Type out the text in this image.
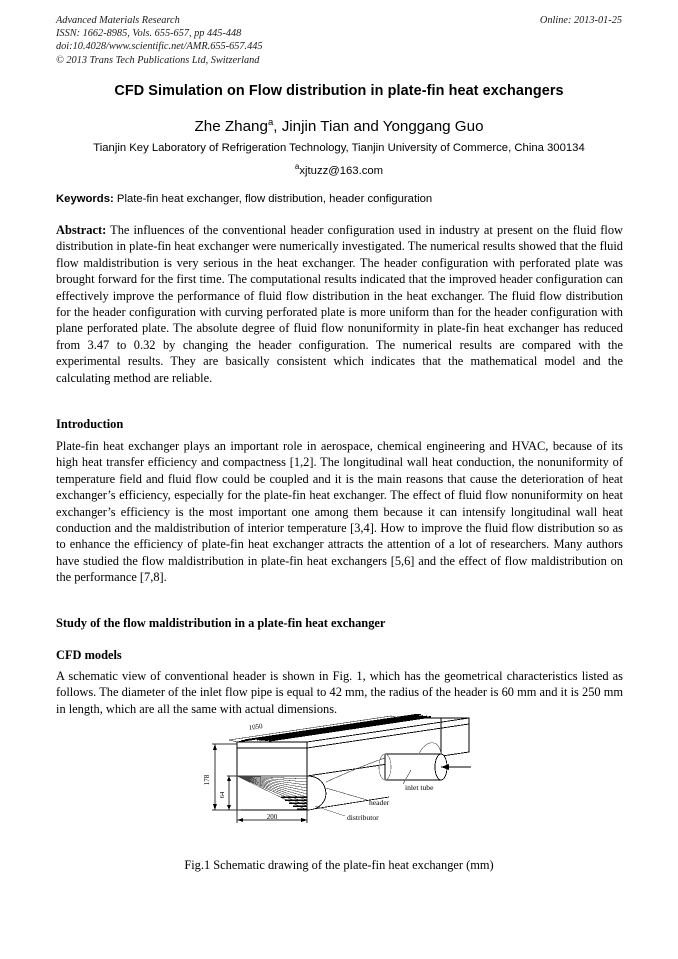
Advanced Materials Research
ISSN: 1662-8985, Vols. 655-657, pp 445-448
doi:10.4028/www.scientific.net/AMR.655-657.445
© 2013 Trans Tech Publications Ltd, Switzerland
Online: 2013-01-25
CFD Simulation on Flow distribution in plate-fin heat exchangers
Zhe Zhang$^a$, Jinjin Tian and Yonggang Guo
Tianjin Key Laboratory of Refrigeration Technology, Tianjin University of Commerce, China 300134
$^a$xjtuzz@163.com
Keywords: Plate-fin heat exchanger, flow distribution, header configuration
Abstract: The influences of the conventional header configuration used in industry at present on the fluid flow distribution in plate-fin heat exchanger were numerically investigated. The numerical results showed that the fluid flow maldistribution is very serious in the heat exchanger. The header configuration with perforated plate was brought forward for the first time. The computational results indicated that the improved header configuration can effectively improve the performance of fluid flow distribution in the heat exchanger. The fluid flow distribution for the header configuration with curving perforated plate is more uniform than for the header configuration with plane perforated plate. The absolute degree of fluid flow nonuniformity in plate-fin heat exchanger has reduced from 3.47 to 0.32 by changing the header configuration. The numerical results are compared with the experimental results. They are basically consistent which indicates that the mathematical model and the calculating method are reliable.
Introduction
Plate-fin heat exchanger plays an important role in aerospace, chemical engineering and HVAC, because of its high heat transfer efficiency and compactness [1,2]. The longitudinal wall heat conduction, the nonuniformity of temperature field and fluid flow could be coupled and it is the main reasons that cause the deterioration of heat exchanger’s efficiency, especially for the plate-fin heat exchanger. The effect of fluid flow nonuniformity on heat exchanger’s efficiency is the most important one among them because it can intensify longitudinal wall heat conduction and the maldistribution of interior temperature [3,4]. How to improve the fluid flow distribution so as to enhance the efficiency of plate-fin heat exchanger attracts the attention of a lot of researchers. Many authors have studied the flow maldistribution in plate-fin heat exchangers [5,6] and the effect of flow maldistribution on the performance [7,8].
Study of the flow maldistribution in a plate-fin heat exchanger
CFD models
A schematic view of conventional header is shown in Fig. 1, which has the geometrical characteristics listed as follows. The diameter of the inlet flow pipe is equal to 42 mm, the radius of the header is 60 mm and it is 250 mm in length, which are all the same with actual dimensions.
1050
178
64
200
inlet tube
header
distributor
Fig.1 Schematic drawing of the plate-fin heat exchanger (mm)
